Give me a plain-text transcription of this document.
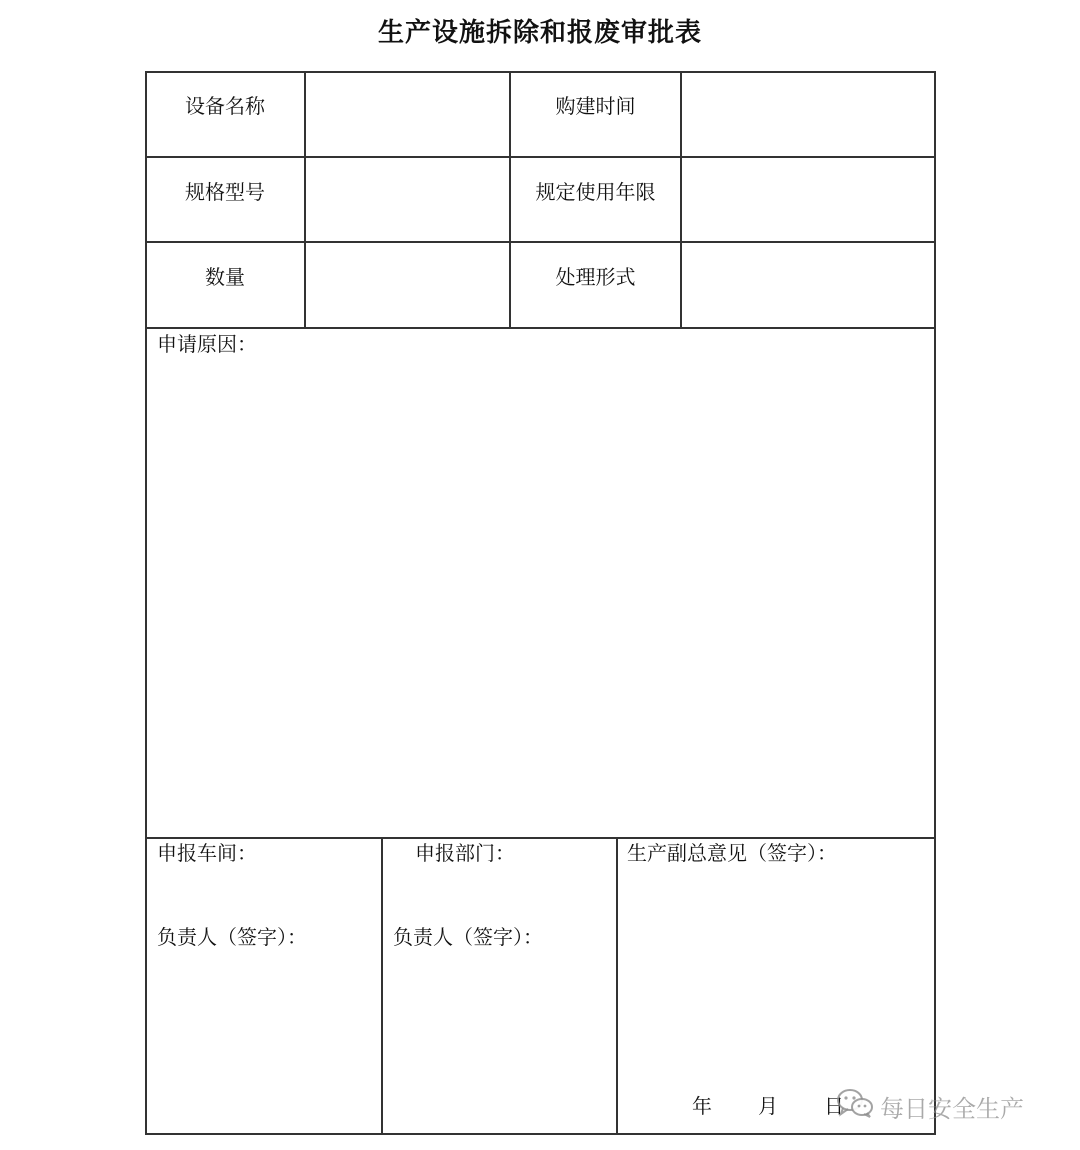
生产设施拆除和报废审批表
设备名称	购建时间
规格型号	规定使用年限
数量	处理形式
申请原因：
申报车间：
负责人（签字）：
申报部门：
负责人（签字）：
生产副总意见（签字）：
年 月 日 每日安全生产
